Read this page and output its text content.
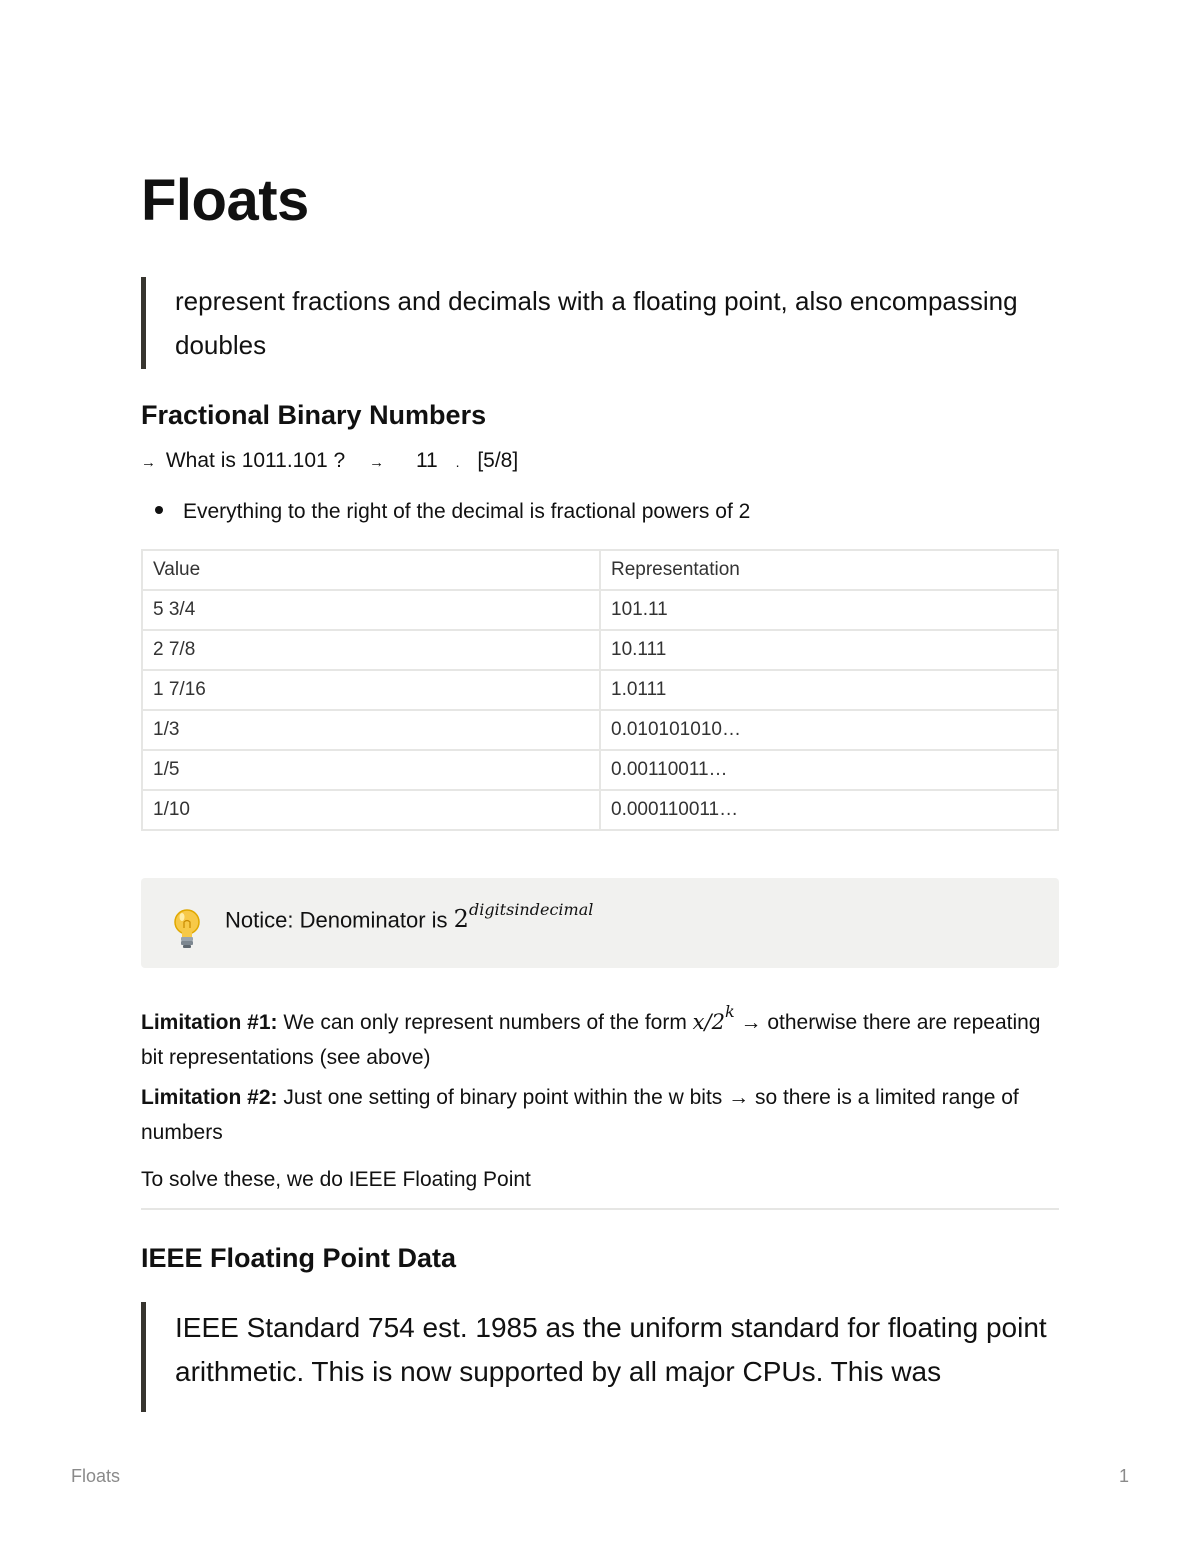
Floats
represent fractions and decimals with a floating point, also encompassing doubles
Fractional Binary Numbers
→ What is 1011.101 ? → 11 . [5/8]
Everything to the right of the decimal is fractional powers of 2
Value	Representation
5 3/4	101.11
2 7/8	10.111
1 7/16	1.0111
1/3	0.010101010…
1/5	0.00110011…
1/10	0.000110011…
Notice: Denominator is $2^{digitsindecimal}$
Limitation #1: We can only represent numbers of the form $x/2^k$ → otherwise there are repeating bit representations (see above)
Limitation #2: Just one setting of binary point within the w bits → so there is a limited range of numbers
To solve these, we do IEEE Floating Point
IEEE Floating Point Data
IEEE Standard 754 est. 1985 as the uniform standard for floating point arithmetic. This is now supported by all major CPUs. This was
Floats	1
